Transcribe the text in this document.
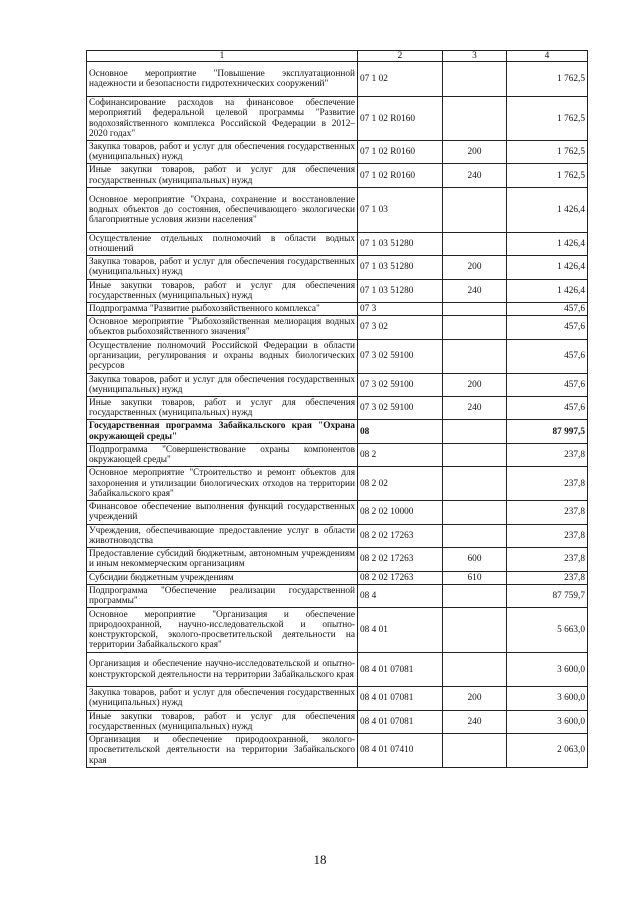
1	2	3	4
Основное мероприятие "Повышение эксплуатационной надежности и безопасности гидротехнических сооружений"	07 1 02		1 762,5
Софинансирование расходов на финансовое обеспечение мероприятий федеральной целевой программы "Развитие водохозяйственного комплекса Российской Федерации в 2012–2020 годах"	07 1 02 R0160		1 762,5
Закупка товаров, работ и услуг для обеспечения государственных (муниципальных) нужд	07 1 02 R0160	200	1 762,5
Иные закупки товаров, работ и услуг для обеспечения государственных (муниципальных) нужд	07 1 02 R0160	240	1 762,5
Основное мероприятие "Охрана, сохранение и восстановление водных объектов до состояния, обеспечивающего экологически благоприятные условия жизни населения"	07 1 03		1 426,4
Осуществление отдельных полномочий в области водных отношений	07 1 03 51280		1 426,4
Закупка товаров, работ и услуг для обеспечения государственных (муниципальных) нужд	07 1 03 51280	200	1 426,4
Иные закупки товаров, работ и услуг для обеспечения государственных (муниципальных) нужд	07 1 03 51280	240	1 426,4
Подпрограмма "Развитие рыбохозяйственного комплекса"	07 3		457,6
Основное мероприятие "Рыбохозяйственная мелиорация водных объектов рыбохозяйственного значения"	07 3 02		457,6
Осуществление полномочий Российской Федерации в области организации, регулирования и охраны водных биологических ресурсов	07 3 02 59100		457,6
Закупка товаров, работ и услуг для обеспечения государственных (муниципальных) нужд	07 3 02 59100	200	457,6
Иные закупки товаров, работ и услуг для обеспечения государственных (муниципальных) нужд	07 3 02 59100	240	457,6
Государственная программа Забайкальского края "Охрана окружающей среды"	08		87 997,5
Подпрограмма "Совершенствование охраны компонентов окружающей среды"	08 2		237,8
Основное мероприятие "Строительство и ремонт объектов для захоронения и утилизации биологических отходов на территории Забайкальского края"	08 2 02		237,8
Финансовое обеспечение выполнения функций государственных учреждений	08 2 02 10000		237,8
Учреждения, обеспечивающие предоставление услуг в области животноводства	08 2 02 17263		237,8
Предоставление субсидий бюджетным, автономным учреждениям и иным некоммерческим организациям	08 2 02 17263	600	237,8
Субсидии бюджетным учреждениям	08 2 02 17263	610	237,8
Подпрограмма "Обеспечение реализации государственной программы"	08 4		87 759,7
Основное мероприятие "Организация и обеспечение природоохранной, научно-исследовательской и опытно-конструкторской, эколого-просветительской деятельности на территории Забайкальского края"	08 4 01		5 663,0
Организация и обеспечение научно-исследовательской и опытно-конструкторской деятельности на территории Забайкальского края	08 4 01 07081		3 600,0
Закупка товаров, работ и услуг для обеспечения государственных (муниципальных) нужд	08 4 01 07081	200	3 600,0
Иные закупки товаров, работ и услуг для обеспечения государственных (муниципальных) нужд	08 4 01 07081	240	3 600,0
Организация и обеспечение природоохранной, эколого-просветительской деятельности на территории Забайкальского края	08 4 01 07410		2 063,0
18
